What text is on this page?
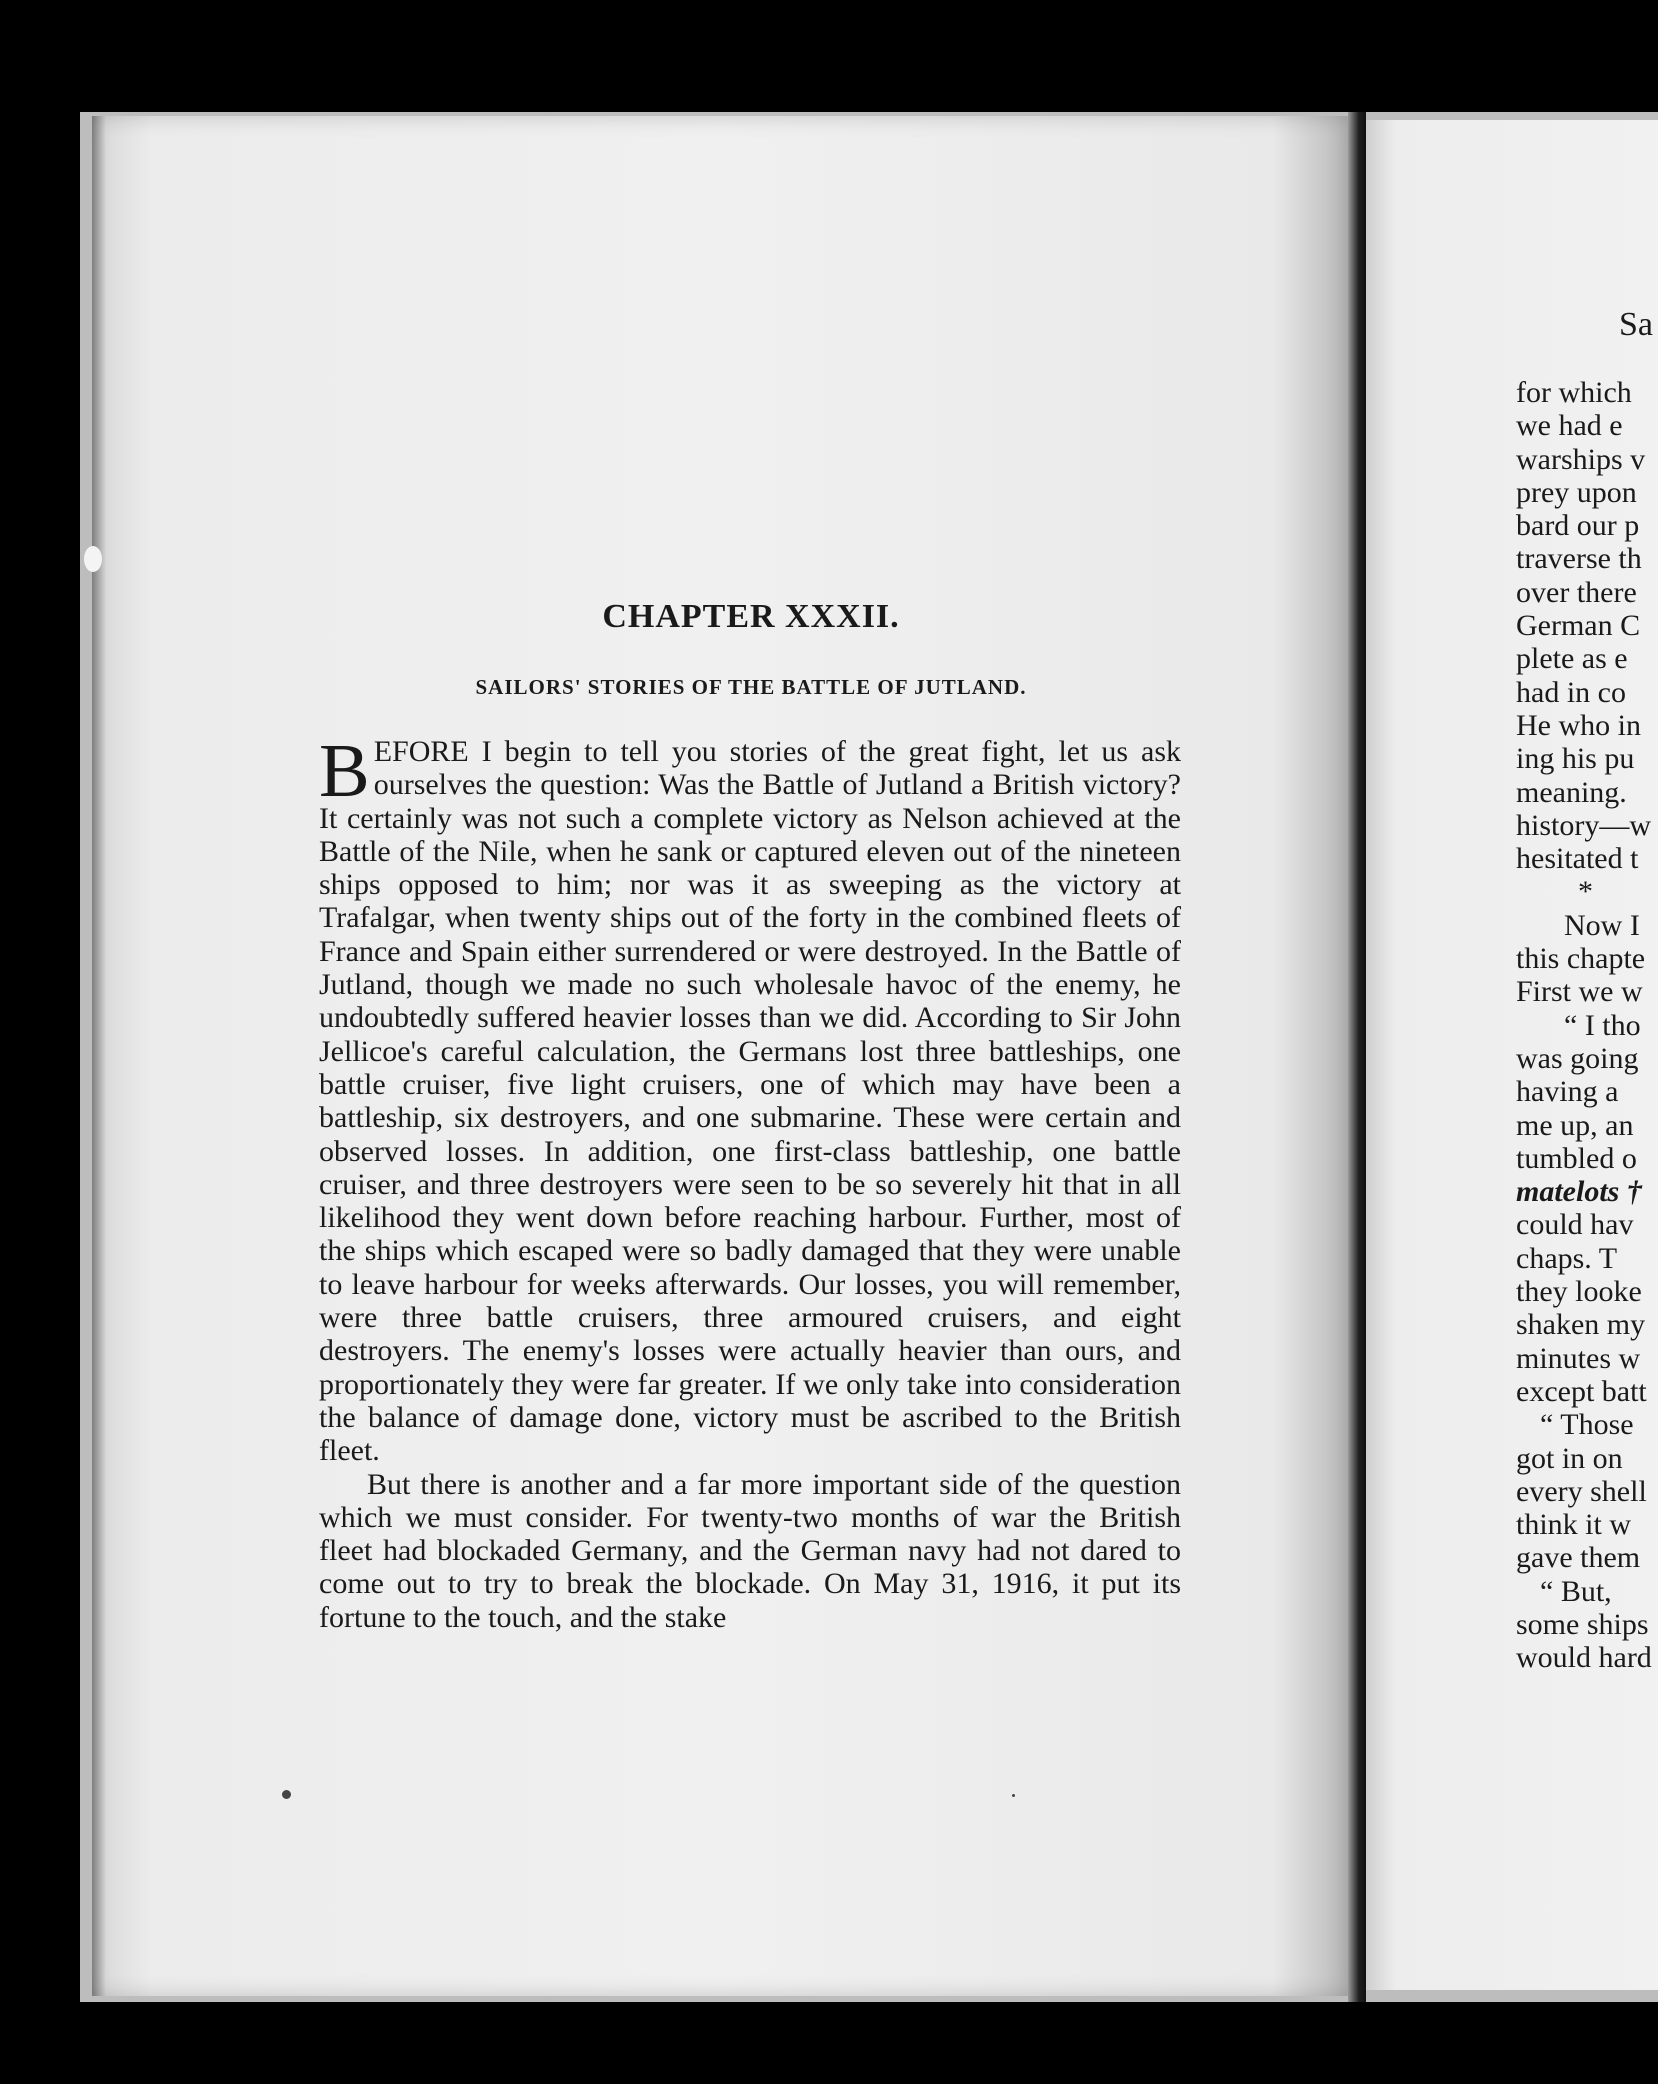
CHAPTER XXXII.
SAILORS' STORIES OF THE BATTLE OF JUTLAND.

BEFORE I begin to tell you stories of the great fight, let us ask ourselves the question: Was the Battle of Jutland a British victory? It certainly was not such a complete victory as Nelson achieved at the Battle of the Nile, when he sank or captured eleven out of the nineteen ships opposed to him; nor was it as sweeping as the victory at Trafalgar, when twenty ships out of the forty in the combined fleets of France and Spain either surrendered or were destroyed. In the Battle of Jutland, though we made no such wholesale havoc of the enemy, he undoubtedly suffered heavier losses than we did. According to Sir John Jellicoe's careful calculation, the Germans lost three battleships, one battle cruiser, five light cruisers, one of which may have been a battleship, six destroyers, and one submarine. These were certain and observed losses. In addition, one first-class battleship, one battle cruiser, and three destroyers were seen to be so severely hit that in all likelihood they went down before reaching harbour. Further, most of the ships which escaped were so badly damaged that they were unable to leave harbour for weeks afterwards. Our losses, you will remember, were three battle cruisers, three armoured cruisers, and eight destroyers. The enemy's losses were actually heavier than ours, and proportionately they were far greater. If we only take into consideration the balance of damage done, victory must be ascribed to the British fleet.

But there is another and a far more important side of the question which we must consider. For twenty-two months of war the British fleet had blockaded Germany, and the German navy had not dared to come out to try to break the blockade. On May 31, 1916, it put its fortune to the touch, and the stake

Sa
for which
we had e
warships v
prey upon
bard our p
traverse th
over there
German C
plete as e
had in co
He who in
ing his pu
meaning.
history—w
hesitated t
*
Now I
this chapte
First we w
“ I tho
was going
having a
me up, an
tumbled o
matelots †
could hav
chaps. T
they looke
shaken my
minutes w
except batt
“ Those
got in on
every shell
think it w
gave them
“ But,
some ships
would hard
